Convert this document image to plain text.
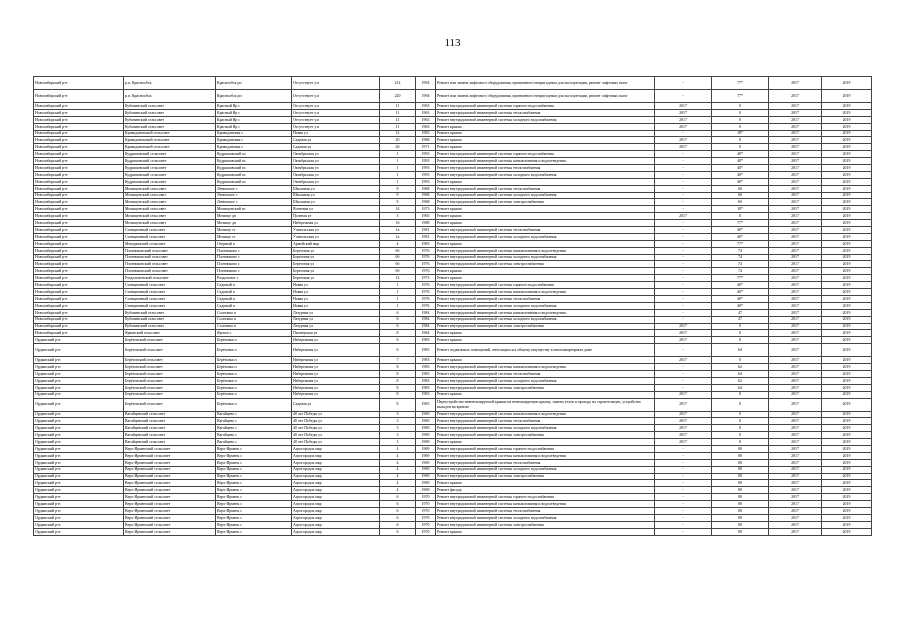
113
Новосибирский р-н	р.п. Краснообск	Краснообск рп	Отсутствует у.п	214	1994	Ремонт или замена лифтового оборудования, признанного непригодным для эксплуатации, ремонт лифтовых шахт	-	77*	2017	2019
Новосибирский р-н	р.п. Краснообск	Краснообск рп	Отсутствует у.п	220	1994	Ремонт или замена лифтового оборудования, признанного непригодным для эксплуатации, ремонт лифтовых шахт	-	77*	2017	2019
Новосибирский р-н	Кубовинский сельсовет	Красный Яр с	Отсутствует у.п	11	1963	Ремонт внутридомовой инженерной системы горячего водоснабжения	2017	0	2017	2019
Новосибирский р-н	Кубовинский сельсовет	Красный Яр с	Отсутствует у.п	11	1963	Ремонт внутридомовой инженерной системы теплоснабжения	2017	0	2017	2019
Новосибирский р-н	Кубовинский сельсовет	Красный Яр с	Отсутствует у.п	11	1963	Ремонт внутридомовой инженерной системы холодного водоснабжения	2017	0	2017	2019
Новосибирский р-н	Кубовинский сельсовет	Красный Яр с	Отсутствует у.п	11	1963	Ремонт крыши	2017	0	2017	2019
Новосибирский р-н	Криводановский сельсовет	Криводановка с	Новая ул	12	1985	Ремонт крыши	-	18*	2017	2019
Новосибирский р-н	Криводановский сельсовет	Криводановка с	Садовая ул	20	1968	Ремонт крыши	2017	0	2017	2019
Новосибирский р-н	Криводановский сельсовет	Криводановка с	Садовая ул	26	1971	Ремонт крыши	2017	0	2017	2019
Новосибирский р-н	Кудряшовский сельсовет	Кудряшовский пс	Октябрьская ул	1	1993	Ремонт внутридомовой инженерной системы горячего водоснабжения	-	40*	2017	2019
Новосибирский р-н	Кудряшовский сельсовет	Кудряшовский пс	Октябрьская ул	1	1993	Ремонт внутридомовой инженерной системы канализования и водоотведения	-	40*	2017	2019
Новосибирский р-н	Кудряшовский сельсовет	Кудряшовский пс	Октябрьская ул	1	1993	Ремонт внутридомовой инженерной системы теплоснабжения	-	40*	2017	2019
Новосибирский р-н	Кудряшовский сельсовет	Кудряшовский пс	Октябрьская ул	1	1993	Ремонт внутридомовой инженерной системы холодного водоснабжения	-	40*	2017	2019
Новосибирский р-н	Кудряшовский сельсовет	Кудряшовский пс	Октябрьская ул	1	1993	Ремонт крыши	-	40*	2017	2019
Новосибирский р-н	Мочищенский сельсовет	Ленинское с	Школьная ул	9	1968	Ремонт внутридомовой инженерной системы теплоснабжения	-	60	2017	2019
Новосибирский р-н	Мочищенский сельсовет	Ленинское с	Школьная ул	9	1968	Ремонт внутридомовой инженерной системы холодного водоснабжения	-	60	2017	2019
Новосибирский р-н	Мочищенский сельсовет	Ленинское с	Школьная ул	9	1968	Ремонт внутридомовой инженерной системы электроснабжения	-	60	2017	2019
Новосибирский р-н	Мочищенский сельсовет	Мочищенский пс	Ясеневая ул	14	1973	Ремонт крыши	-	18*	2017	2019
Новосибирский р-н	Мочищенский сельсовет	Мочище дп	Полевая ул	3	1965	Ремонт крыши	2017	0	2017	2019
Новосибирский р-н	Мочищенский сельсовет	Мочище дп	Набережная ул	16	1988	Ремонт крыши	-	77*	2017	2019
Новосибирский р-н	Станционный сельсовет	Мочище ст	Учительская ул	1а	1981	Ремонт внутридомовой инженерной системы теплоснабжения	-	40*	2017	2019
Новосибирский р-н	Станционный сельсовет	Мочище ст	Учительская ул	1а	1981	Ремонт внутридомовой инженерной системы холодного водоснабжения	-	40*	2017	2019
Новосибирский р-н	Мичуринский сельсовет	Озерный п	Армейский мкр	4	1983	Ремонт крыши	-	77*	2017	2019
Новосибирский р-н	Плотниковский сельсовет	Плотниково с	Береговая ул	6б	1976	Ремонт внутридомовой инженерной системы канализования и водоотведения	-	74	2017	2019
Новосибирский р-н	Плотниковский сельсовет	Плотниково с	Береговая ул	6б	1976	Ремонт внутридомовой инженерной системы холодного водоснабжения	-	74	2017	2019
Новосибирский р-н	Плотниковский сельсовет	Плотниково с	Береговая ул	6б	1976	Ремонт внутридомовой инженерной системы электроснабжения	-	74	2017	2019
Новосибирский р-н	Плотниковский сельсовет	Плотниково с	Береговая ул	6б	1976	Ремонт крыши	-	74	2017	2019
Новосибирский р-н	Раздольненский сельсовет	Раздольное с	Береговая ул	12	1973	Ремонт крыши	-	77*	2017	2019
Новосибирский р-н	Станционный сельсовет	Садовый п	Новая ул	1	1976	Ремонт внутридомовой инженерной системы горячего водоснабжения	-	40*	2017	2019
Новосибирский р-н	Станционный сельсовет	Садовый п	Новая ул	1	1976	Ремонт внутридомовой инженерной системы канализования и водоотведения	-	40*	2017	2019
Новосибирский р-н	Станционный сельсовет	Садовый п	Новая ул	1	1976	Ремонт внутридомовой инженерной системы теплоснабжения	-	40*	2017	2019
Новосибирский р-н	Станционный сельсовет	Садовый п	Новая ул	1	1976	Ремонт внутридомовой инженерной системы холодного водоснабжения	-	40*	2017	2019
Новосибирский р-н	Кубовинский сельсовет	Сосновка п	Лазурная ул	6	1984	Ремонт внутридомовой инженерной системы канализования и водоотведения	-	47	2017	2019
Новосибирский р-н	Кубовинский сельсовет	Сосновка п	Лазурная ул	6	1984	Ремонт внутридомовой инженерной системы холодного водоснабжения	-	47	2017	2019
Новосибирский р-н	Кубовинский сельсовет	Сосновка п	Лазурная ул	6	1984	Ремонт внутридомовой инженерной системы электроснабжения	2017	0	2017	2019
Новосибирский р-н	Ярковский сельсовет	Ярское с	Пионерская ул	8	1964	Ремонт крыши	2017	0	2017	2019
Ордынский р-н	Берёзовский сельсовет	Берёзовка п	Набережная ул	6	1983	Ремонт крыши	2017	0	2017	2019
Ордынский р-н	Берёзовский сельсовет	Берёзовка п	Набережная ул	6	1983	Ремонт подвальных помещений, относящихся к общему имуществу в многоквартирном доме	-	64	2017	2019
Ордынский р-н	Берёзовский сельсовет	Берёзовка п	Набережная ул	7	1983	Ремонт крыши	2017	0	2017	2019
Ордынский р-н	Берёзовский сельсовет	Берёзовка п	Набережная ул	8	1983	Ремонт внутридомовой инженерной системы канализования и водоотведения	-	62	2017	2019
Ордынский р-н	Берёзовский сельсовет	Берёзовка п	Набережная ул	8	1983	Ремонт внутридомовой инженерной системы теплоснабжения	-	64	2017	2019
Ордынский р-н	Берёзовский сельсовет	Берёзовка п	Набережная ул	8	1983	Ремонт внутридомовой инженерной системы холодного водоснабжения	-	62	2017	2019
Ордынский р-н	Берёзовский сельсовет	Берёзовка п	Набережная ул	8	1983	Ремонт внутридомовой инженерной системы электроснабжения	-	64	2017	2019
Ордынский р-н	Берёзовский сельсовет	Берёзовка п	Набережная ул	8	1983	Ремонт крыши	2017	0	2017	2019
Ордынский р-н	Берёзовский сельсовет	Берёзовка п	Садовая ул	8	1965	Переустройство невентилируемой крыши на вентилируемую крышу, замена узлов и прохода на строительную, устройство выходов на кровлю	2017	0	2017	2019
Ордынский р-н	Вагайцевский сельсовет	Вагайцево с	40 лет Победы ул	3	1969	Ремонт внутридомовой инженерной системы канализования и водоотведения	2017	0	2017	2019
Ордынский р-н	Вагайцевский сельсовет	Вагайцево с	40 лет Победы ул	3	1969	Ремонт внутридомовой инженерной системы теплоснабжения	2017	0	2017	2019
Ордынский р-н	Вагайцевский сельсовет	Вагайцево с	40 лет Победы ул	3	1969	Ремонт внутридомовой инженерной системы холодного водоснабжения	2017	0	2017	2019
Ордынский р-н	Вагайцевский сельсовет	Вагайцево с	40 лет Победы ул	3	1969	Ремонт внутридомовой инженерной системы электроснабжения	2017	0	2017	2019
Ордынский р-н	Вагайцевский сельсовет	Вагайцево с	40 лет Победы ул	3	1969	Ремонт крыши	2017	0	2017	2019
Ордынский р-н	Верх-Ирменский сельсовет	Верх-Ирмень с	Агрогородок мкр	4	1969	Ремонт внутридомовой инженерной системы горячего водоснабжения	-	80	2017	2019
Ордынский р-н	Верх-Ирменский сельсовет	Верх-Ирмень с	Агрогородок мкр	4	1969	Ремонт внутридомовой инженерной системы канализования и водоотведения	-	80	2017	2019
Ордынский р-н	Верх-Ирменский сельсовет	Верх-Ирмень с	Агрогородок мкр	4	1969	Ремонт внутридомовой инженерной системы теплоснабжения	-	80	2017	2019
Ордынский р-н	Верх-Ирменский сельсовет	Верх-Ирмень с	Агрогородок мкр	4	1969	Ремонт внутридомовой инженерной системы холодного водоснабжения	-	80	2017	2019
Ордынский р-н	Верх-Ирменский сельсовет	Верх-Ирмень с	Агрогородок мкр	4	1969	Ремонт внутридомовой инженерной системы электроснабжения	-	80	2017	2019
Ордынский р-н	Верх-Ирменский сельсовет	Верх-Ирмень с	Агрогородок мкр	4	1969	Ремонт крыши	-	80	2017	2019
Ордынский р-н	Верх-Ирменский сельсовет	Верх-Ирмень с	Агрогородок мкр	4	1969	Ремонт фасада	-	80	2017	2019
Ордынский р-н	Верх-Ирменский сельсовет	Верх-Ирмень с	Агрогородок мкр	6	1970	Ремонт внутридомовой инженерной системы горячего водоснабжения	-	80	2017	2019
Ордынский р-н	Верх-Ирменский сельсовет	Верх-Ирмень с	Агрогородок мкр	6	1970	Ремонт внутридомовой инженерной системы канализования и водоотведения	-	80	2017	2019
Ордынский р-н	Верх-Ирменский сельсовет	Верх-Ирмень с	Агрогородок мкр	6	1970	Ремонт внутридомовой инженерной системы теплоснабжения	-	80	2017	2019
Ордынский р-н	Верх-Ирменский сельсовет	Верх-Ирмень с	Агрогородок мкр	6	1970	Ремонт внутридомовой инженерной системы холодного водоснабжения	-	80	2017	2019
Ордынский р-н	Верх-Ирменский сельсовет	Верх-Ирмень с	Агрогородок мкр	6	1970	Ремонт внутридомовой инженерной системы электроснабжения	-	80	2017	2019
Ордынский р-н	Верх-Ирменский сельсовет	Верх-Ирмень с	Агрогородок мкр	6	1970	Ремонт крыши	-	80	2017	2019
